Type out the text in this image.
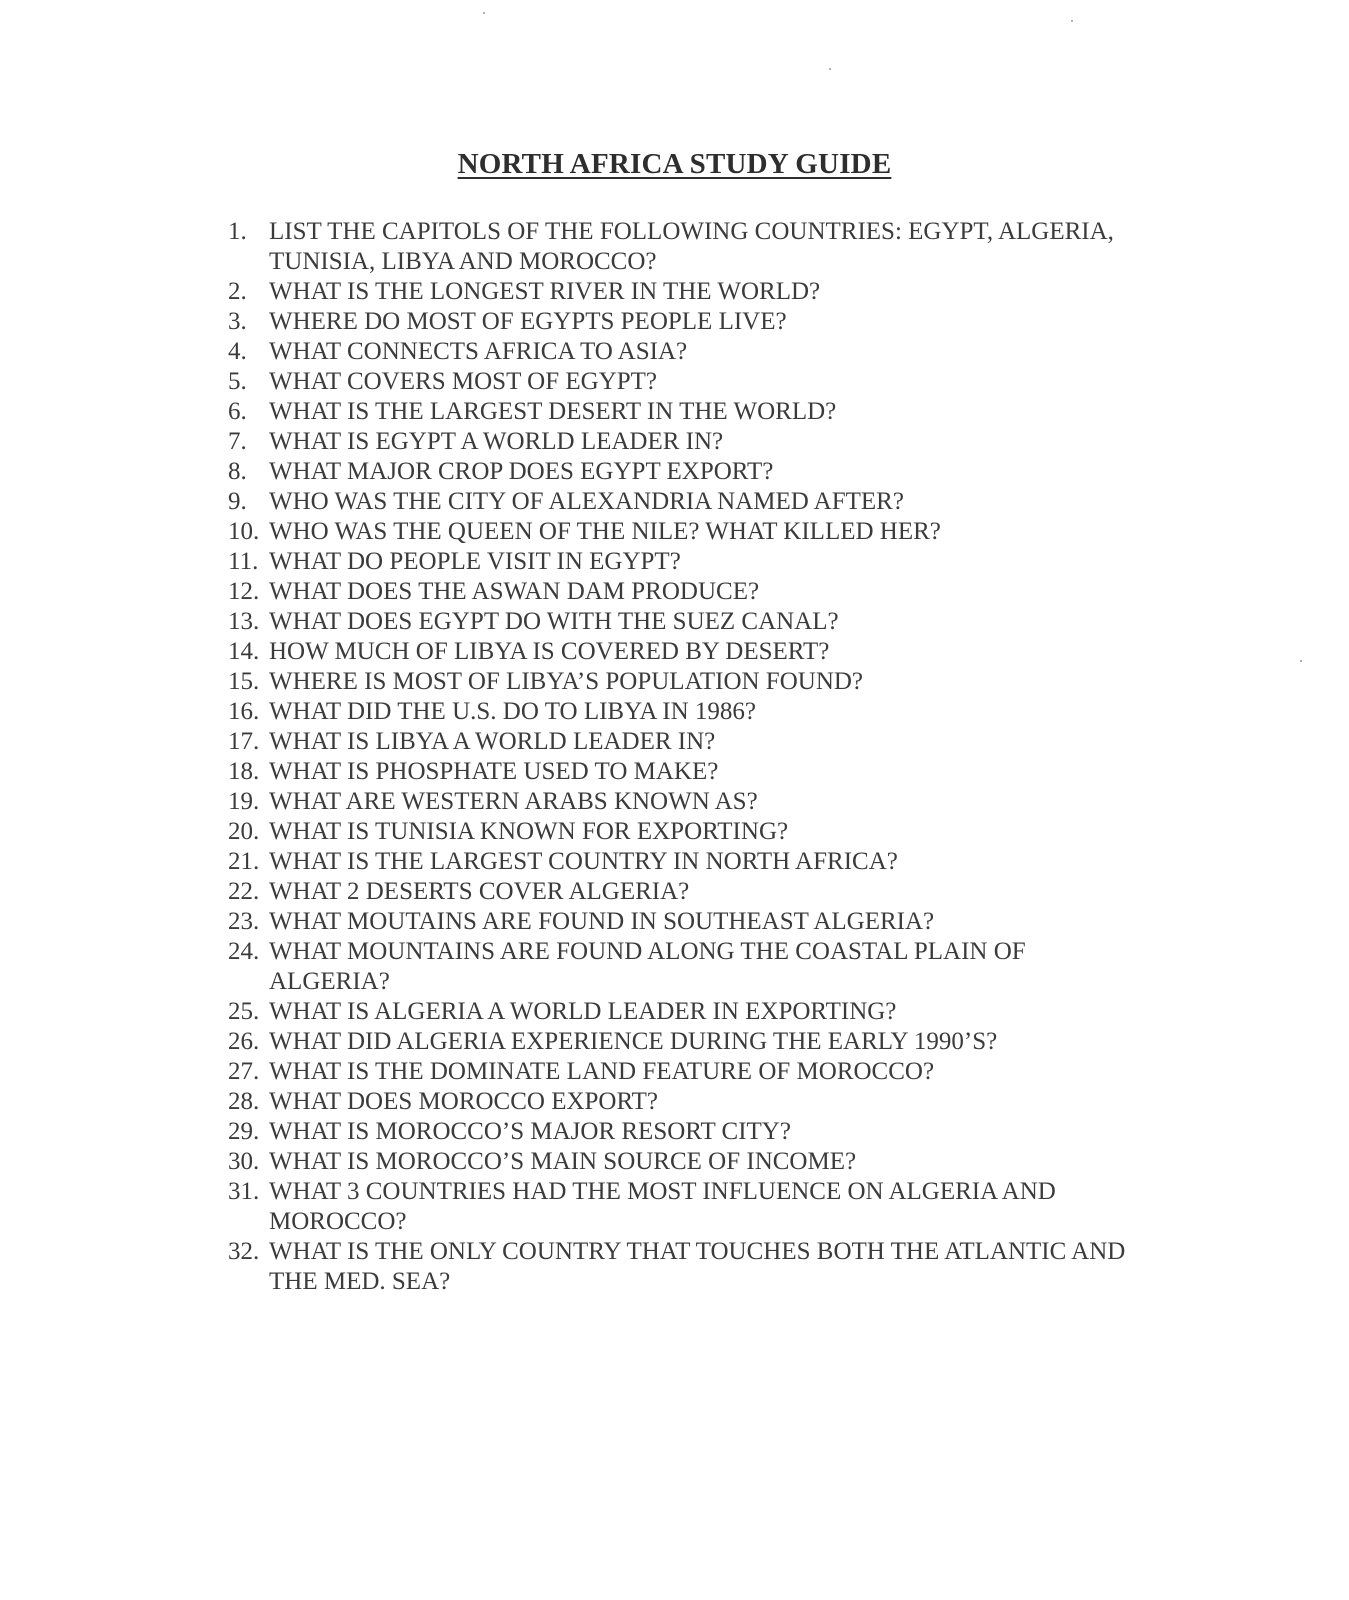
NORTH AFRICA STUDY GUIDE
1. LIST THE CAPITOLS OF THE FOLLOWING COUNTRIES: EGYPT, ALGERIA, TUNISIA, LIBYA AND MOROCCO?
2. WHAT IS THE LONGEST RIVER IN THE WORLD?
3. WHERE DO MOST OF EGYPTS PEOPLE LIVE?
4. WHAT CONNECTS AFRICA TO ASIA?
5. WHAT COVERS MOST OF EGYPT?
6. WHAT IS THE LARGEST DESERT IN THE WORLD?
7. WHAT IS EGYPT A WORLD LEADER IN?
8. WHAT MAJOR CROP DOES EGYPT EXPORT?
9. WHO WAS THE CITY OF ALEXANDRIA NAMED AFTER?
10. WHO WAS THE QUEEN OF THE NILE? WHAT KILLED HER?
11. WHAT DO PEOPLE VISIT IN EGYPT?
12. WHAT DOES THE ASWAN DAM PRODUCE?
13. WHAT DOES EGYPT DO WITH THE SUEZ CANAL?
14. HOW MUCH OF LIBYA IS COVERED BY DESERT?
15. WHERE IS MOST OF LIBYA’S POPULATION FOUND?
16. WHAT DID THE U.S. DO TO LIBYA IN 1986?
17. WHAT IS LIBYA A WORLD LEADER IN?
18. WHAT IS PHOSPHATE USED TO MAKE?
19. WHAT ARE WESTERN ARABS KNOWN AS?
20. WHAT IS TUNISIA KNOWN FOR EXPORTING?
21. WHAT IS THE LARGEST COUNTRY IN NORTH AFRICA?
22. WHAT 2 DESERTS COVER ALGERIA?
23. WHAT MOUTAINS ARE FOUND IN SOUTHEAST ALGERIA?
24. WHAT MOUNTAINS ARE FOUND ALONG THE COASTAL PLAIN OF ALGERIA?
25. WHAT IS ALGERIA A WORLD LEADER IN EXPORTING?
26. WHAT DID ALGERIA EXPERIENCE DURING THE EARLY 1990’S?
27. WHAT IS THE DOMINATE LAND FEATURE OF MOROCCO?
28. WHAT DOES MOROCCO EXPORT?
29. WHAT IS MOROCCO’S MAJOR RESORT CITY?
30. WHAT IS MOROCCO’S MAIN SOURCE OF INCOME?
31. WHAT 3 COUNTRIES HAD THE MOST INFLUENCE ON ALGERIA AND MOROCCO?
32. WHAT IS THE ONLY COUNTRY THAT TOUCHES BOTH THE ATLANTIC AND THE MED. SEA?
